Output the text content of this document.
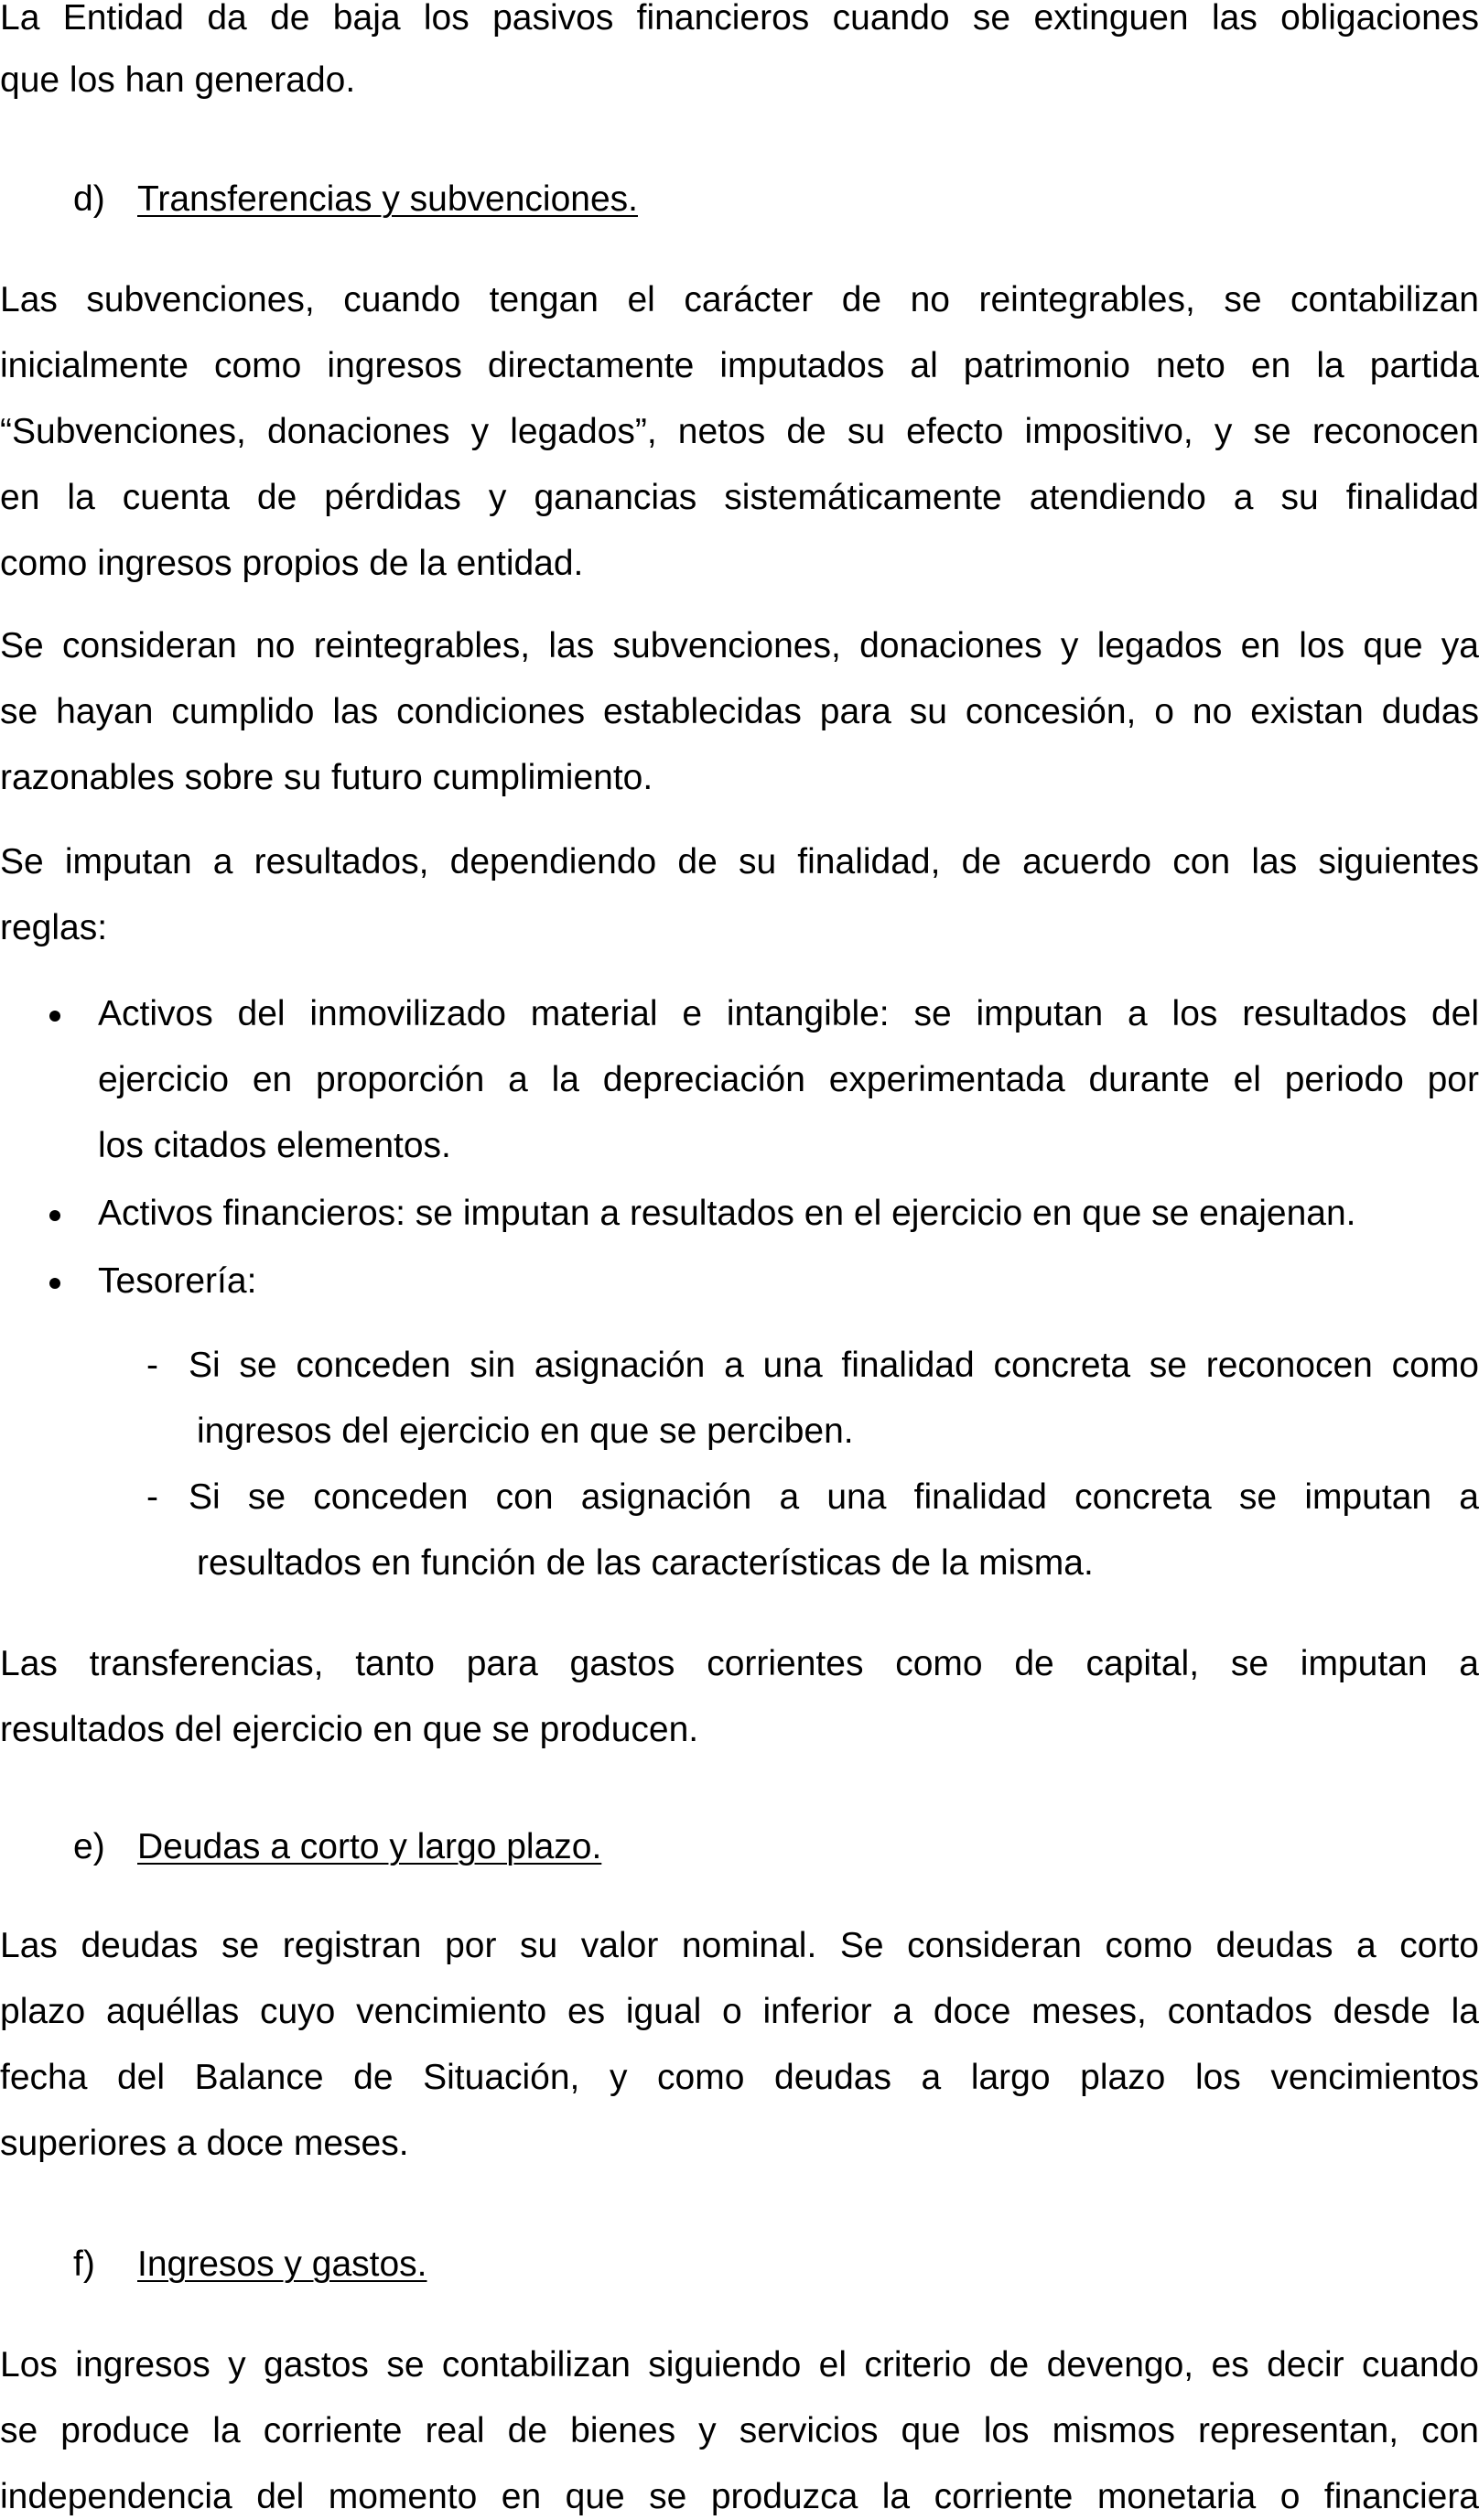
La Entidad da de baja los pasivos financieros cuando se extinguen las obligaciones
que los han generado.
d) Transferencias y subvenciones.
Las subvenciones, cuando tengan el carácter de no reintegrables, se contabilizan
inicialmente como ingresos directamente imputados al patrimonio neto en la partida
“Subvenciones, donaciones y legados”, netos de su efecto impositivo, y se reconocen
en la cuenta de pérdidas y ganancias sistemáticamente atendiendo a su finalidad
como ingresos propios de la entidad.
Se consideran no reintegrables, las subvenciones, donaciones y legados en los que ya
se hayan cumplido las condiciones establecidas para su concesión, o no existan dudas
razonables sobre su futuro cumplimiento.
Se imputan a resultados, dependiendo de su finalidad, de acuerdo con las siguientes
reglas:
Activos del inmovilizado material e intangible: se imputan a los resultados del
ejercicio en proporción a la depreciación experimentada durante el periodo por
los citados elementos.
Activos financieros: se imputan a resultados en el ejercicio en que se enajenan.
Tesorería:
- Si se conceden sin asignación a una finalidad concreta se reconocen como
ingresos del ejercicio en que se perciben.
- Si se conceden con asignación a una finalidad concreta se imputan a
resultados en función de las características de la misma.
Las transferencias, tanto para gastos corrientes como de capital, se imputan a
resultados del ejercicio en que se producen.
e) Deudas a corto y largo plazo.
Las deudas se registran por su valor nominal. Se consideran como deudas a corto
plazo aquéllas cuyo vencimiento es igual o inferior a doce meses, contados desde la
fecha del Balance de Situación, y como deudas a largo plazo los vencimientos
superiores a doce meses.
f) Ingresos y gastos.
Los ingresos y gastos se contabilizan siguiendo el criterio de devengo, es decir cuando
se produce la corriente real de bienes y servicios que los mismos representan, con
independencia del momento en que se produzca la corriente monetaria o financiera
